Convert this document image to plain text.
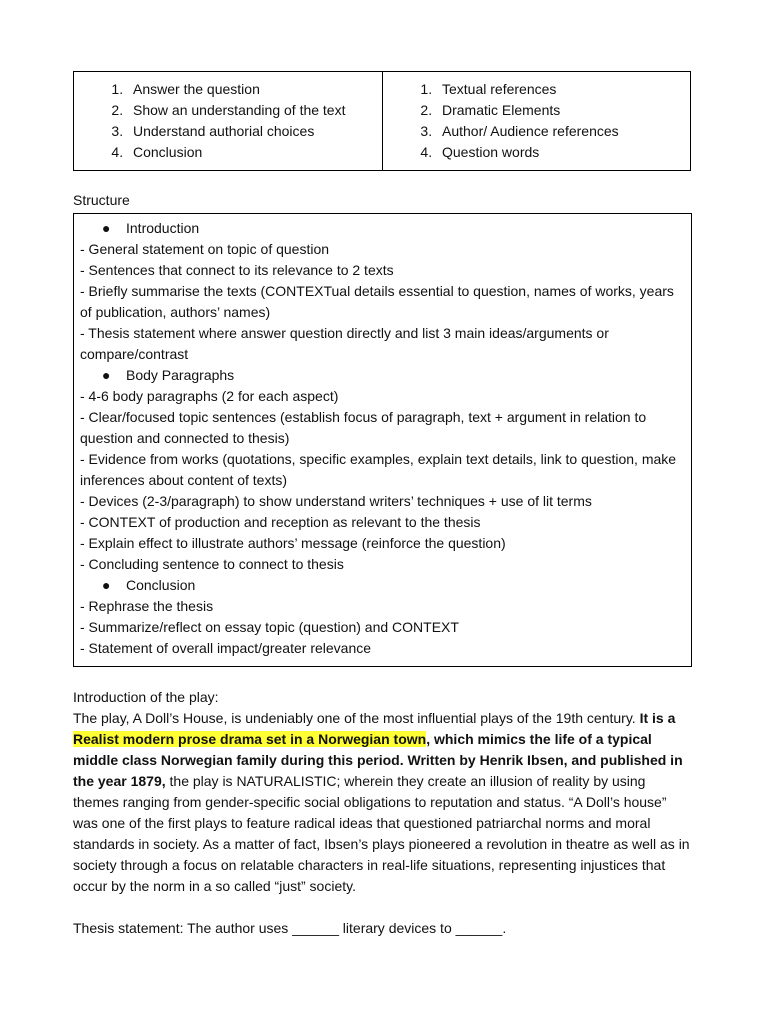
1. Answer the question
2. Show an understanding of the text
3. Understand authorial choices
4. Conclusion
1. Textual references
2. Dramatic Elements
3. Author/ Audience references
4. Question words
Structure
● Introduction
- General statement on topic of question
- Sentences that connect to its relevance to 2 texts
- Briefly summarise the texts (CONTEXTual details essential to question, names of works, years of publication, authors’ names)
- Thesis statement where answer question directly and list 3 main ideas/arguments or compare/contrast
● Body Paragraphs
- 4-6 body paragraphs (2 for each aspect)
- Clear/focused topic sentences (establish focus of paragraph, text + argument in relation to question and connected to thesis)
- Evidence from works (quotations, specific examples, explain text details, link to question, make inferences about content of texts)
- Devices (2-3/paragraph) to show understand writers’ techniques + use of lit terms
- CONTEXT of production and reception as relevant to the thesis
- Explain effect to illustrate authors’ message (reinforce the question)
- Concluding sentence to connect to thesis
● Conclusion
- Rephrase the thesis
- Summarize/reflect on essay topic (question) and CONTEXT
- Statement of overall impact/greater relevance

Introduction of the play:

The play, A Doll’s House, is undeniably one of the most influential plays of the 19th century. It is a Realist modern prose drama set in a Norwegian town, which mimics the life of a typical middle class Norwegian family during this period. Written by Henrik Ibsen, and published in the year 1879, the play is NATURALISTIC; wherein they create an illusion of reality by using themes ranging from gender-specific social obligations to reputation and status. “A Doll’s house” was one of the first plays to feature radical ideas that questioned patriarchal norms and moral standards in society. As a matter of fact, Ibsen’s plays pioneered a revolution in theatre as well as in society through a focus on relatable characters in real-life situations, representing injustices that occur by the norm in a so called “just” society.

Thesis statement: The author uses ______ literary devices to ______.
